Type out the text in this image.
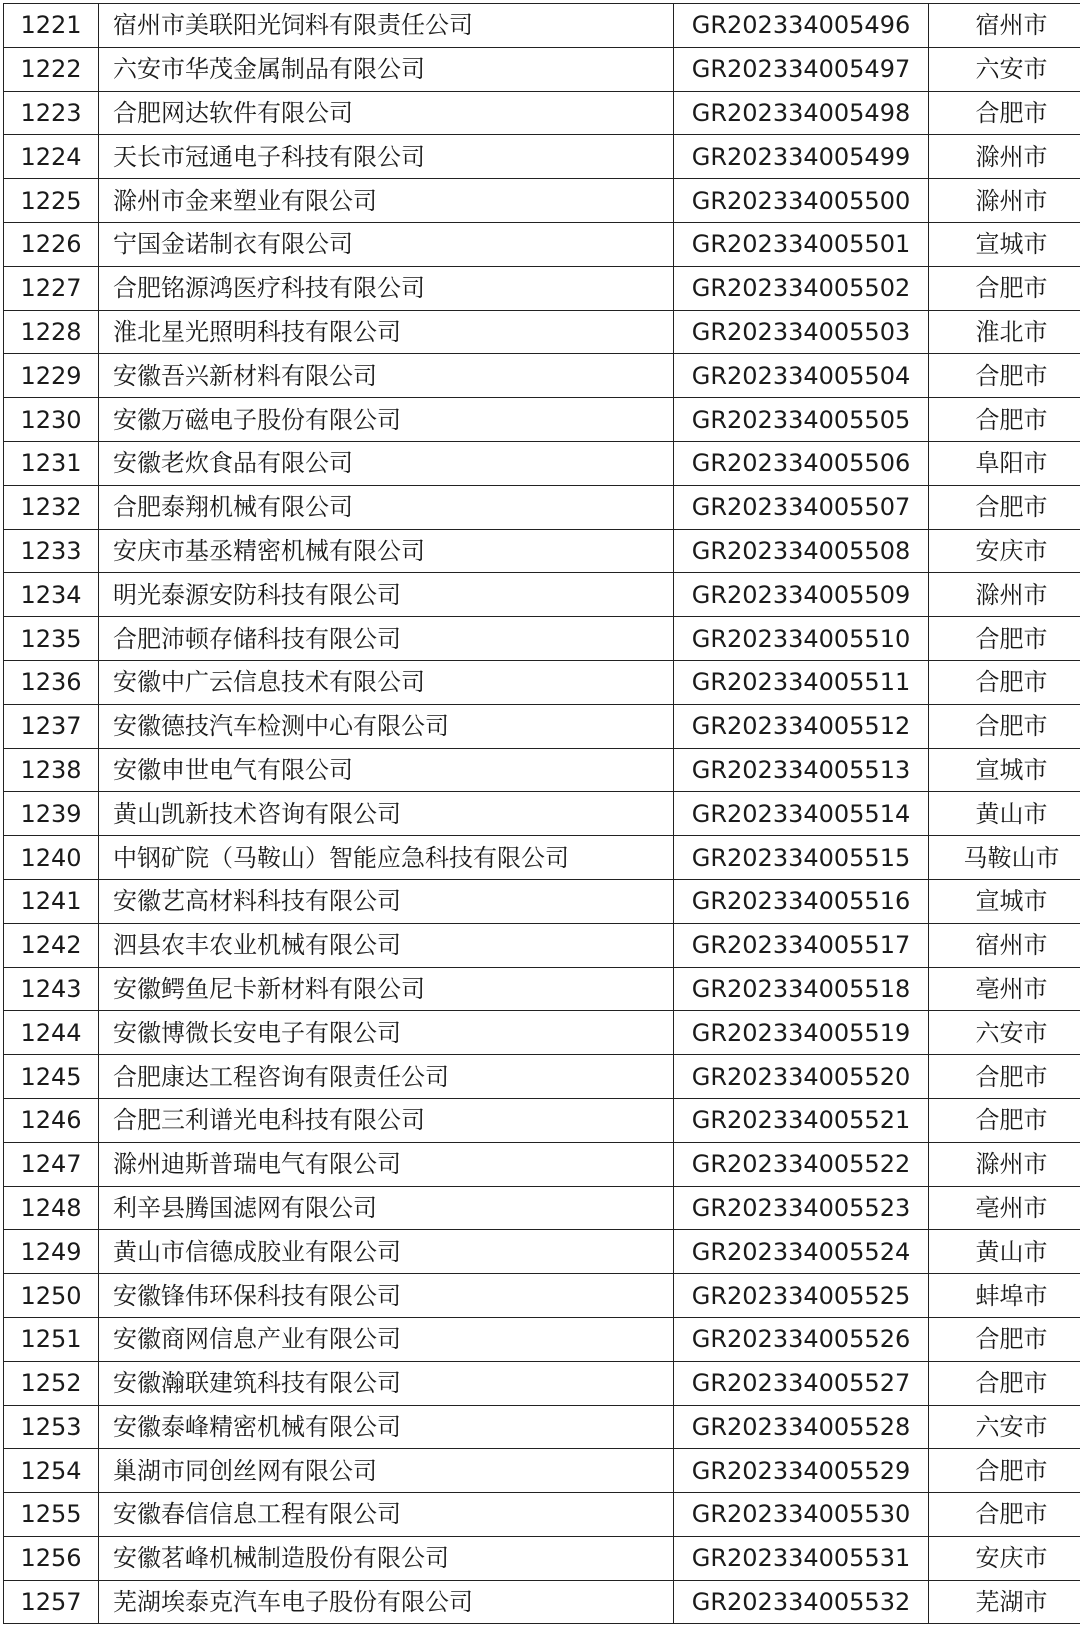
1221	宿州市美联阳光饲料有限责任公司	GR202334005496	宿州市
1222	六安市华茂金属制品有限公司	GR202334005497	六安市
1223	合肥网达软件有限公司	GR202334005498	合肥市
1224	天长市冠通电子科技有限公司	GR202334005499	滁州市
1225	滁州市金来塑业有限公司	GR202334005500	滁州市
1226	宁国金诺制衣有限公司	GR202334005501	宣城市
1227	合肥铭源鸿医疗科技有限公司	GR202334005502	合肥市
1228	淮北星光照明科技有限公司	GR202334005503	淮北市
1229	安徽吾兴新材料有限公司	GR202334005504	合肥市
1230	安徽万磁电子股份有限公司	GR202334005505	合肥市
1231	安徽老炊食品有限公司	GR202334005506	阜阳市
1232	合肥泰翔机械有限公司	GR202334005507	合肥市
1233	安庆市基丞精密机械有限公司	GR202334005508	安庆市
1234	明光泰源安防科技有限公司	GR202334005509	滁州市
1235	合肥沛顿存储科技有限公司	GR202334005510	合肥市
1236	安徽中广云信息技术有限公司	GR202334005511	合肥市
1237	安徽德技汽车检测中心有限公司	GR202334005512	合肥市
1238	安徽申世电气有限公司	GR202334005513	宣城市
1239	黄山凯新技术咨询有限公司	GR202334005514	黄山市
1240	中钢矿院（马鞍山）智能应急科技有限公司	GR202334005515	马鞍山市
1241	安徽艺高材料科技有限公司	GR202334005516	宣城市
1242	泗县农丰农业机械有限公司	GR202334005517	宿州市
1243	安徽鳄鱼尼卡新材料有限公司	GR202334005518	亳州市
1244	安徽博微长安电子有限公司	GR202334005519	六安市
1245	合肥康达工程咨询有限责任公司	GR202334005520	合肥市
1246	合肥三利谱光电科技有限公司	GR202334005521	合肥市
1247	滁州迪斯普瑞电气有限公司	GR202334005522	滁州市
1248	利辛县腾国滤网有限公司	GR202334005523	亳州市
1249	黄山市信德成胶业有限公司	GR202334005524	黄山市
1250	安徽锋伟环保科技有限公司	GR202334005525	蚌埠市
1251	安徽商网信息产业有限公司	GR202334005526	合肥市
1252	安徽瀚联建筑科技有限公司	GR202334005527	合肥市
1253	安徽泰峰精密机械有限公司	GR202334005528	六安市
1254	巢湖市同创丝网有限公司	GR202334005529	合肥市
1255	安徽春信信息工程有限公司	GR202334005530	合肥市
1256	安徽茗峰机械制造股份有限公司	GR202334005531	安庆市
1257	芜湖埃泰克汽车电子股份有限公司	GR202334005532	芜湖市
